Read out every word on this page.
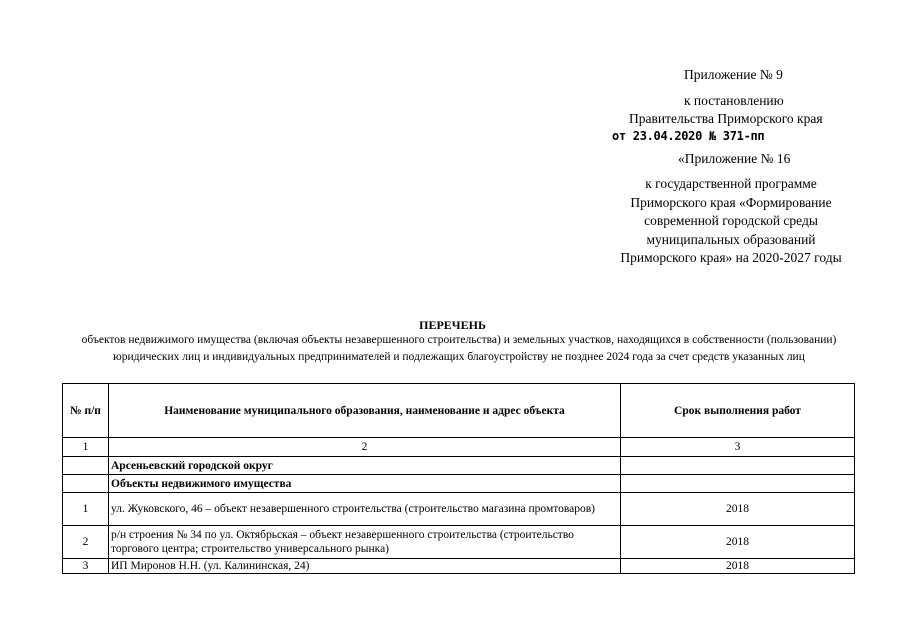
Приложение № 9
к постановлению
Правительства Приморского края
от 23.04.2020 № 371-пп
«Приложение № 16
к государственной программе Приморского края «Формирование современной городской среды муниципальных образований Приморского края» на 2020-2027 годы
ПЕРЕЧЕНЬ
объектов недвижимого имущества (включая объекты незавершенного строительства) и земельных участков, находящихся в собственности (пользовании) юридических лиц и индивидуальных предпринимателей и подлежащих благоустройству не позднее 2024 года за счет средств указанных лиц
№ п/п	Наименование муниципального образования, наименование и адрес объекта	Срок выполнения работ
1	2	3
	Арсеньевский городской округ	
	Объекты недвижимого имущества	
1	ул. Жуковского, 46 – объект незавершенного строительства (строительство магазина промтоваров)	2018
2	р/н строения № 34 по ул. Октябрьская – объект незавершенного строительства (строительство торгового центра; строительство универсального рынка)	2018
3	ИП Миронов Н.Н. (ул. Калининская, 24)	2018
